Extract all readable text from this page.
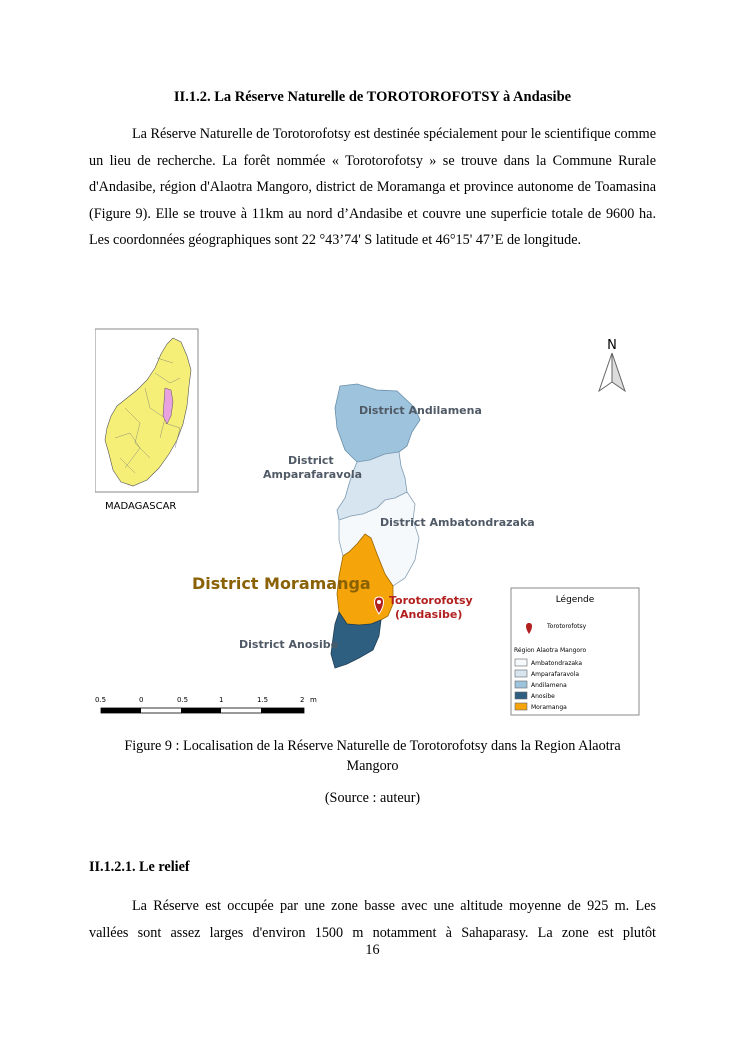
II.1.2. La Réserve Naturelle de TOROTOROFOTSY à Andasibe

La Réserve Naturelle de Torotorofotsy est destinée spécialement pour le scientifique comme un lieu de recherche. La forêt nommée « Torotorofotsy » se trouve dans la Commune Rurale d'Andasibe, région d'Alaotra Mangoro, district de Moramanga et province autonome de Toamasina (Figure 9). Elle se trouve à 11km au nord d’Andasibe et couvre une superficie totale de 9600 ha. Les coordonnées géographiques sont 22 °43’74' S latitude et 46°15' 47’E de longitude.

MADAGASCAR
N
District Andilamena
District
Amparafaravola
District Ambatondrazaka
District Moramanga
District Anosibe
Torotorofotsy
(Andasibe)
0.5	0	0.5	1	1.5	2 m
Légende
Torotorofotsy
Région Alaotra Mangoro
Ambatondrazaka
Amparafaravola
Andilamena
Anosibe
Moramanga
Figure 9 : Localisation de la Réserve Naturelle de Torotorofotsy dans la Region Alaotra
Mangoro
(Source : auteur)
II.1.2.1. Le relief

La Réserve est occupée par une zone basse avec une altitude moyenne de 925 m. Les vallées sont assez larges d'environ 1500 m notamment à Sahaparasy. La zone est plutôt

16
